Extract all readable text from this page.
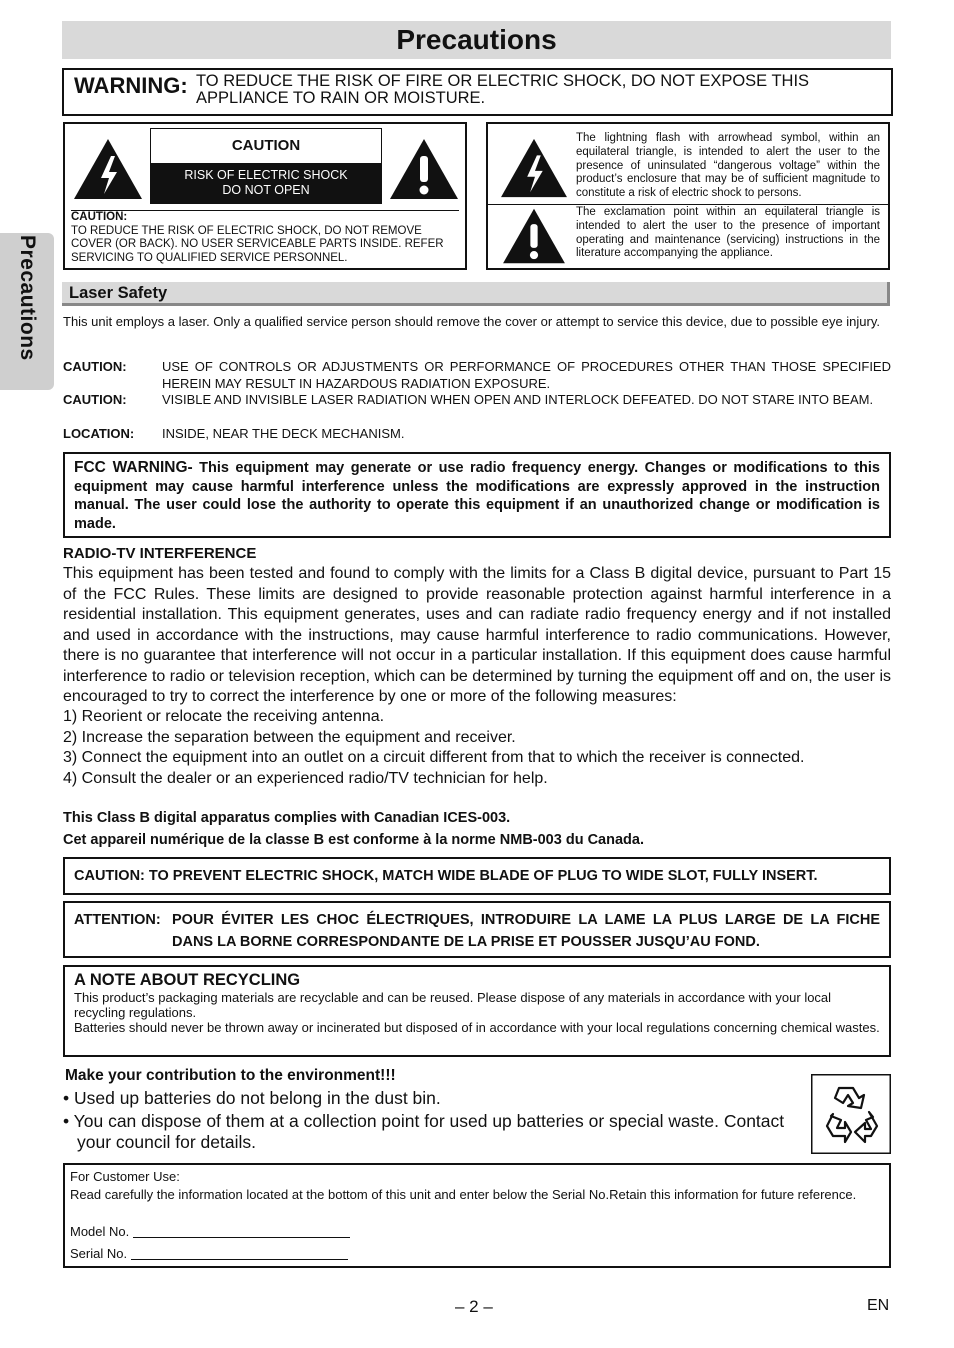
Precautions
Precautions
WARNING: TO REDUCE THE RISK OF FIRE OR ELECTRIC SHOCK, DO NOT EXPOSE THIS APPLIANCE TO RAIN OR MOISTURE.
CAUTION
RISK OF ELECTRIC SHOCK
DO NOT OPEN
CAUTION:
TO REDUCE THE RISK OF ELECTRIC SHOCK, DO NOT REMOVE COVER (OR BACK). NO USER SERVICEABLE PARTS INSIDE. REFER SERVICING TO QUALIFIED SERVICE PERSONNEL.
The lightning flash with arrowhead symbol, within an equilateral triangle, is intended to alert the user to the presence of uninsulated “dangerous voltage” within the product’s enclosure that may be of sufficient magnitude to constitute a risk of electric shock to persons.
The exclamation point within an equilateral triangle is intended to alert the user to the presence of important operating and maintenance (servicing) instructions in the literature accompanying the appliance.
Laser Safety
This unit employs a laser. Only a qualified service person should remove the cover or attempt to service this device, due to possible eye injury.
CAUTION:	USE OF CONTROLS OR ADJUSTMENTS OR PERFORMANCE OF PROCEDURES OTHER THAN THOSE SPECIFIED HEREIN MAY RESULT IN HAZARDOUS RADIATION EXPOSURE.
CAUTION:	VISIBLE AND INVISIBLE LASER RADIATION WHEN OPEN AND INTERLOCK DEFEATED. DO NOT STARE INTO BEAM.
LOCATION: INSIDE, NEAR THE DECK MECHANISM.

FCC WARNING- This equipment may generate or use radio frequency energy. Changes or modifications to this equipment may cause harmful interference unless the modifications are expressly approved in the instruction manual. The user could lose the authority to operate this equipment if an unauthorized change or modification is made.

RADIO-TV INTERFERENCE
This equipment has been tested and found to comply with the limits for a Class B digital device, pursuant to Part 15 of the FCC Rules. These limits are designed to provide reasonable protection against harmful interference in a residential installation. This equipment generates, uses and can radiate radio frequency energy and if not installed and used in accordance with the instructions, may cause harmful interference to radio communications. However, there is no guarantee that interference will not occur in a particular installation. If this equipment does cause harmful interference to radio or television reception, which can be determined by turning the equipment off and on, the user is encouraged to try to correct the interference by one or more of the following measures:
1) Reorient or relocate the receiving antenna.
2) Increase the separation between the equipment and receiver.
3) Connect the equipment into an outlet on a circuit different from that to which the receiver is connected.
4) Consult the dealer or an experienced radio/TV technician for help.
This Class B digital apparatus complies with Canadian ICES-003.
Cet appareil numérique de la classe B est conforme à la norme NMB-003 du Canada.
CAUTION: TO PREVENT ELECTRIC SHOCK, MATCH WIDE BLADE OF PLUG TO WIDE SLOT, FULLY INSERT.
ATTENTION: POUR ÉVITER LES CHOC ÉLECTRIQUES, INTRODUIRE LA LAME LA PLUS LARGE DE LA FICHE DANS LA BORNE CORRESPONDANTE DE LA PRISE ET POUSSER JUSQU’AU FOND.
A NOTE ABOUT RECYCLING

This product’s packaging materials are recyclable and can be reused. Please dispose of any materials in accordance with your local recycling regulations.

Batteries should never be thrown away or incinerated but disposed of in accordance with your local regulations concerning chemical wastes.

Make your contribution to the environment!!!
• Used up batteries do not belong in the dust bin.
• You can dispose of them at a collection point for used up batteries or special waste. Contact your council for details.
For Customer Use:
Read carefully the information located at the bottom of this unit and enter below the Serial No.Retain this information for future reference.
Model No.
Serial No.
– 2 –	EN
